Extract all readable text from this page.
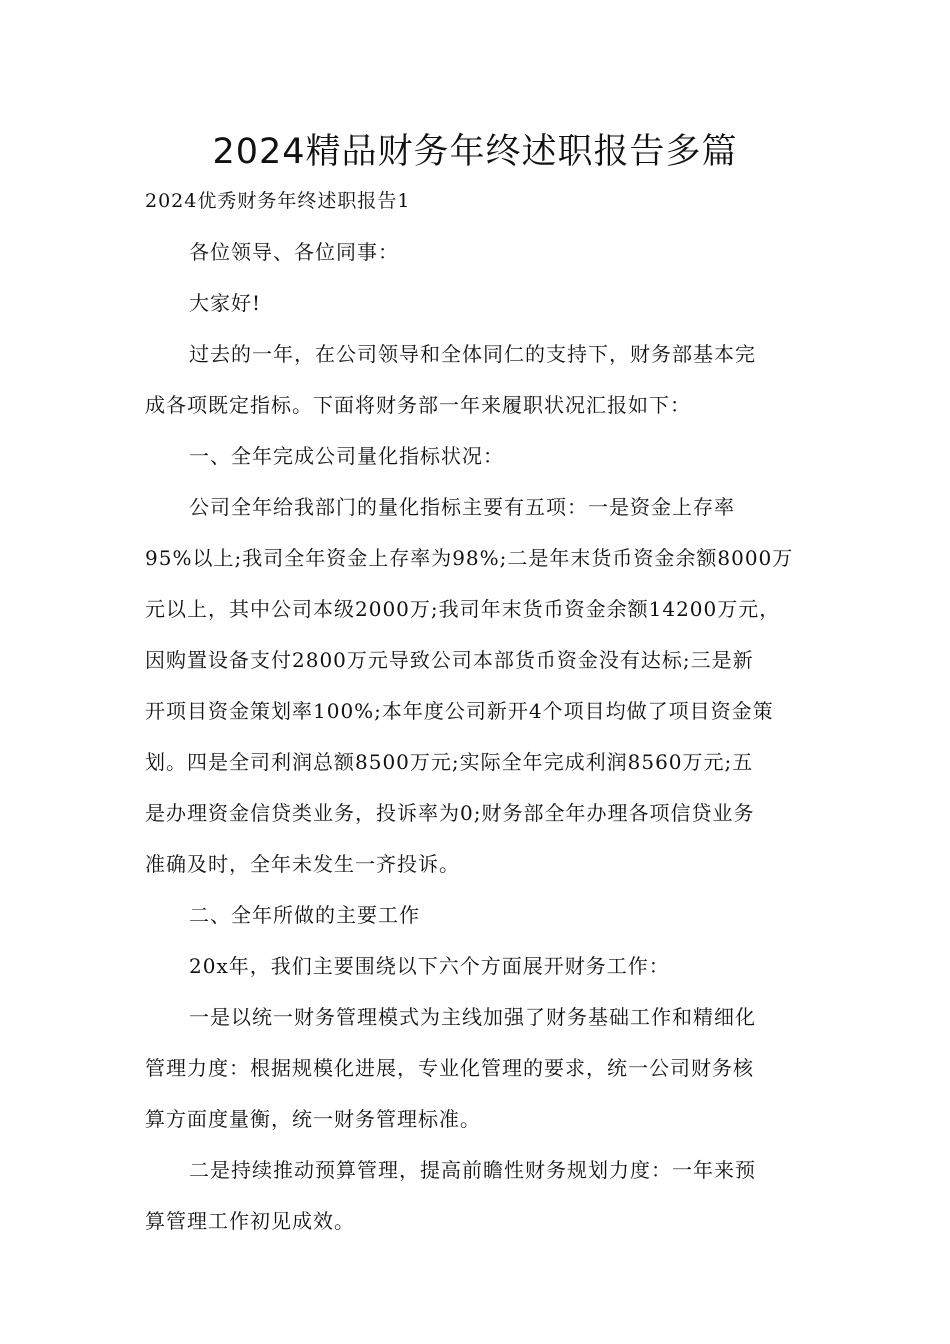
2024精品财务年终述职报告多篇

2024优秀财务年终述职报告1

各位领导、各位同事：

大家好!

过去的一年，在公司领导和全体同仁的支持下，财务部基本完
成各项既定指标。下面将财务部一年来履职状况汇报如下：

一、全年完成公司量化指标状况：

公司全年给我部门的量化指标主要有五项：一是资金上存率
95%以上;我司全年资金上存率为98%;二是年末货币资金余额8000万
元以上，其中公司本级2000万;我司年末货币资金余额14200万元，
因购置设备支付2800万元导致公司本部货币资金没有达标;三是新
开项目资金策划率100%;本年度公司新开4个项目均做了项目资金策
划。四是全司利润总额8500万元;实际全年完成利润8560万元;五
是办理资金信贷类业务，投诉率为0;财务部全年办理各项信贷业务
准确及时，全年未发生一齐投诉。

二、全年所做的主要工作

20x年，我们主要围绕以下六个方面展开财务工作：

一是以统一财务管理模式为主线加强了财务基础工作和精细化
管理力度：根据规模化进展，专业化管理的要求，统一公司财务核
算方面度量衡，统一财务管理标准。

二是持续推动预算管理，提高前瞻性财务规划力度：一年来预
算管理工作初见成效。
